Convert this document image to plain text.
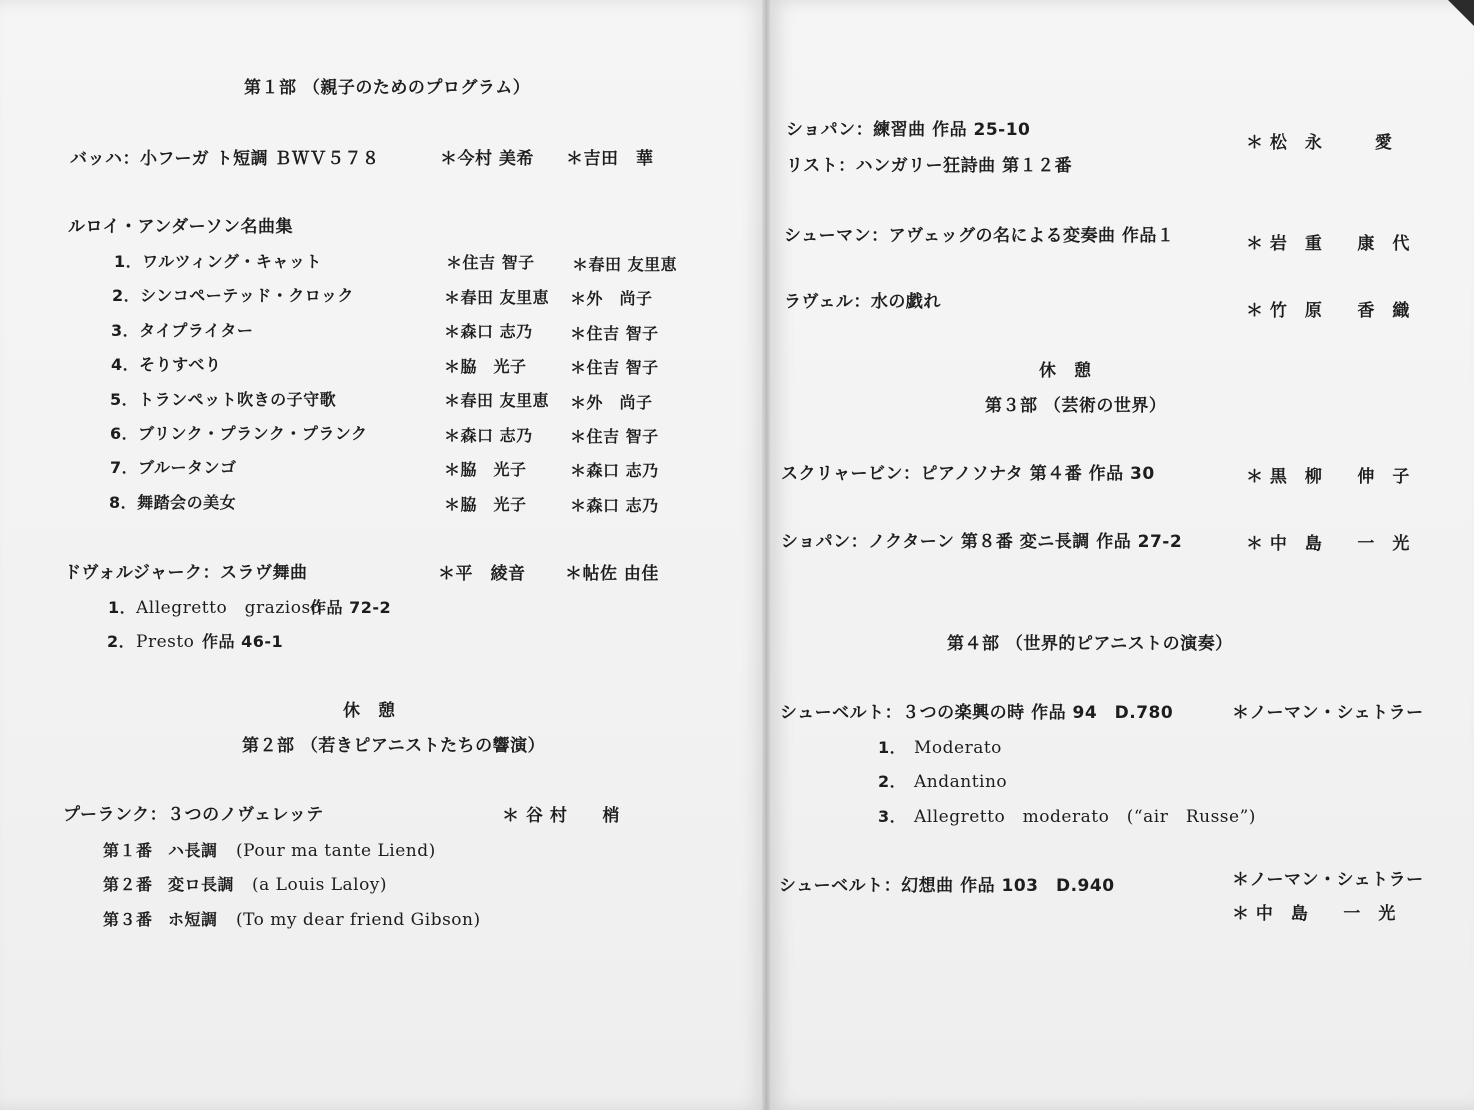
第１部 （親子のためのプログラム）
バッハ：小フーガ ト短調 ＢＷＶ５７８	＊今村 美希 ＊吉田　華
ルロイ・アンダーソン名曲集
1．ワルツィング・キャット	＊住吉 智子 ＊春田 友里恵
2．シンコペーテッド・クロック	＊春田 友里恵 ＊外　尚子
3．タイプライター	＊森口 志乃 ＊住吉 智子
4．そりすべり	＊脇　光子	＊住吉 智子
5．トランペット吹きの子守歌	＊春田 友里恵 ＊外　尚子
6．ブリンク・プランク・プランク	＊森口 志乃 ＊住吉 智子
7．ブルータンゴ	＊脇　光子	＊森口 志乃
8．舞踏会の美女	＊脇　光子	＊森口 志乃
ドヴォルジャーク：スラヴ舞曲	＊平　綾音 ＊帖佐 由佳
1． Allegretto　grazioso
作品 72-2
2． Presto 作品 46-1
休　憩
第２部 （若きピアニストたちの響演）
プーランク：３つのノヴェレッテ	＊ 谷 村　　梢
第１番 ハ長調 (Pour ma tante Liend)
第２番 変ロ長調 (a Louis Laloy)
第３番 ホ短調 (To my dear friend Gibson)
ショパン：練習曲 作品 25-10
リスト：ハンガリー狂詩曲 第１２番
＊ 松　永　　　愛
シューマン：アヴェッグの名による変奏曲 作品１	＊ 岩　重　　康　代
ラヴェル：水の戯れ	＊ 竹　原　　香　織
休　憩
第３部 （芸術の世界）
スクリャービン：ピアノソナタ 第４番 作品 30	＊ 黒　柳　　伸　子
ショパン：ノクターン 第８番 変ニ長調 作品 27-2	＊ 中　島　　一　光
第４部 （世界的ピアニストの演奏）
シューベルト：３つの楽興の時 作品 94　D.780	＊ノーマン・シェトラー
1． Moderato
2． Andantino
3． Allegretto　moderato　(“air　Russe”)
シューベルト：幻想曲 作品 103　D.940	＊ノーマン・シェトラー
＊ 中　島　　一　光
